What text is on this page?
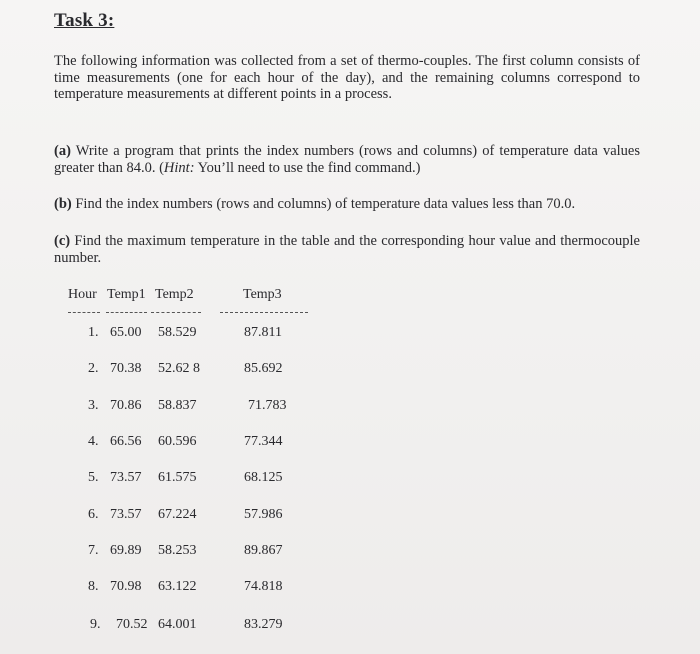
Task 3:
The following information was collected from a set of thermo-couples. The first column consists of time measurements (one for each hour of the day), and the remaining columns correspond to temperature measurements at different points in a process.
(a) Write a program that prints the index numbers (rows and columns) of temperature data values greater than 84.0. (Hint: You’ll need to use the find command.)
(b) Find the index numbers (rows and columns) of temperature data values less than 70.0.
(c) Find the maximum temperature in the table and the corresponding hour value and thermocouple number.
Hour Temp1 Temp2	Temp3
1. 65.00 58.529	87.811
2. 70.38 52.62 8	85.692
3. 70.86 58.837	71.783
4. 66.56 60.596	77.344
5. 73.57 61.575	68.125
6. 73.57 67.224	57.986
7. 69.89 58.253	89.867
8. 70.98 63.122	74.818
9. 70.52 64.001	83.279
